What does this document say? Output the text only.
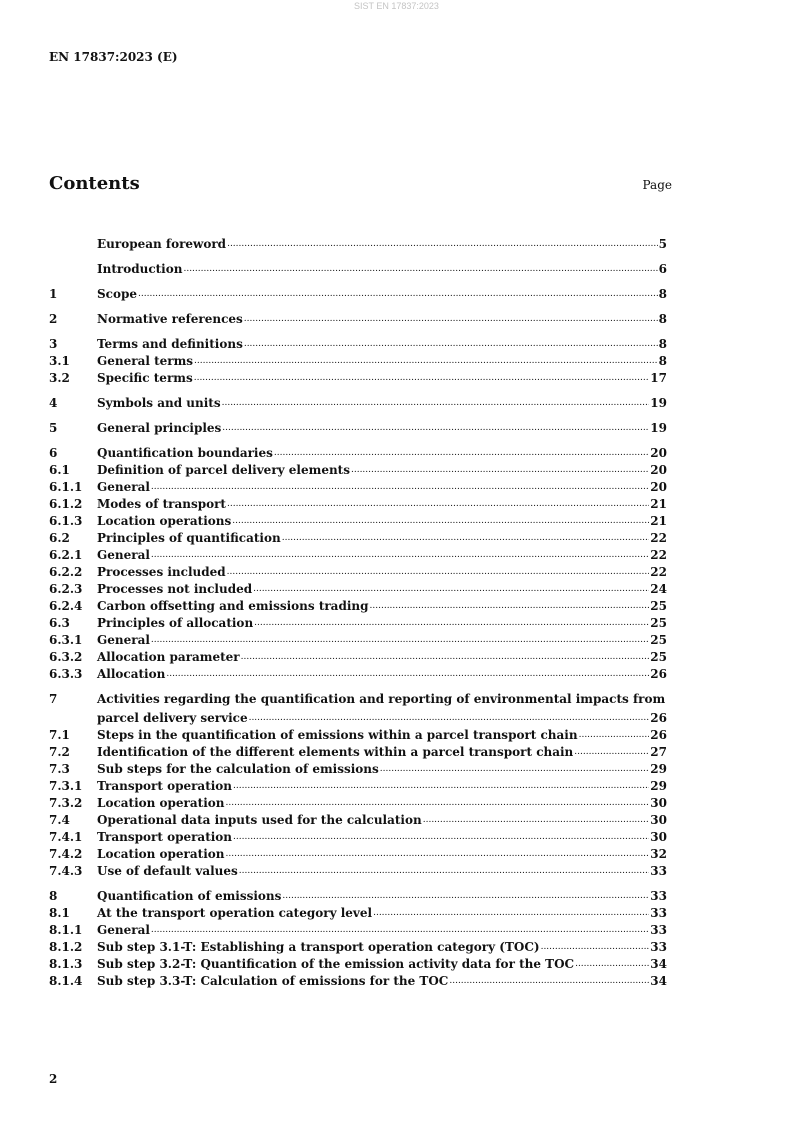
SIST EN 17837:2023
EN 17837:2023 (E)
Contents	Page
European foreword .....	5
Introduction .....	6
1	Scope .....	8
2	Normative references .....	8
3	Terms and definitions .....	8
3.1	General terms .....	8
3.2	Specific terms .....	17
4	Symbols and units .....	19
5	General principles .....	19
6	Quantification boundaries .....	20
6.1	Definition of parcel delivery elements .....	20
6.1.1	General .....	20
6.1.2	Modes of transport .....	21
6.1.3	Location operations .....	21
6.2	Principles of quantification .....	22
6.2.1	General .....	22
6.2.2	Processes included .....	22
6.2.3	Processes not included .....	24
6.2.4	Carbon offsetting and emissions trading .....	25
6.3	Principles of allocation .....	25
6.3.1	General .....	25
6.3.2	Allocation parameter .....	25
6.3.3	Allocation .....	26
7	Activities regarding the quantification and reporting of environmental impacts from
parcel delivery service .....	26
7.1	Steps in the quantification of emissions within a parcel transport chain .....	26
7.2	Identification of the different elements within a parcel transport chain .....	27
7.3	Sub steps for the calculation of emissions .....	29
7.3.1	Transport operation .....	29
7.3.2	Location operation .....	30
7.4	Operational data inputs used for the calculation .....	30
7.4.1	Transport operation .....	30
7.4.2	Location operation .....	32
7.4.3	Use of default values .....	33
8	Quantification of emissions .....	33
8.1	At the transport operation category level .....	33
8.1.1	General .....	33
8.1.2	Sub step 3.1-T: Establishing a transport operation category (TOC) .....	33
8.1.3	Sub step 3.2-T: Quantification of the emission activity data for the TOC .....	34
8.1.4	Sub step 3.3-T: Calculation of emissions for the TOC .....	34
2
